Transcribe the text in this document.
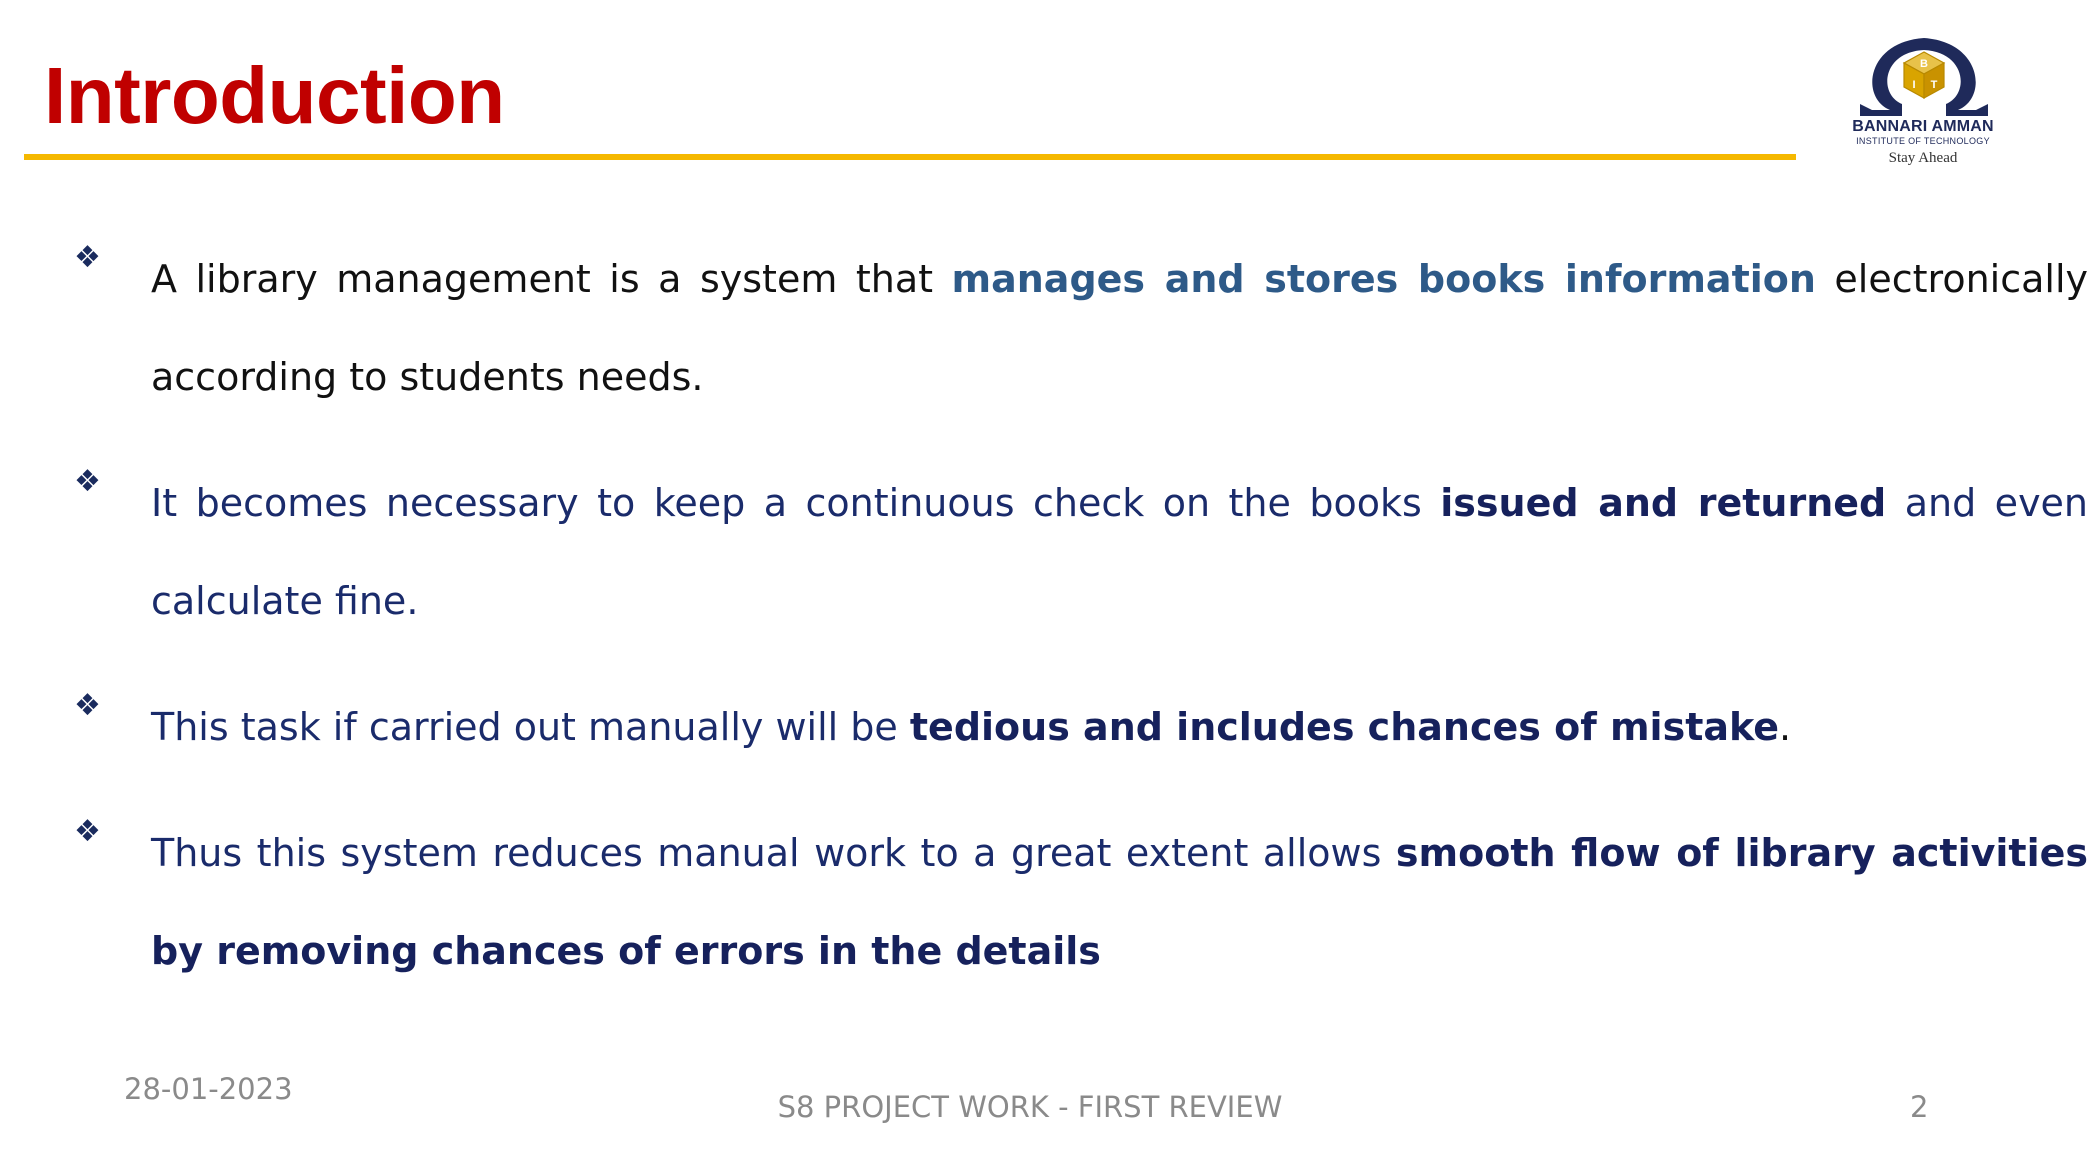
Introduction	B
I T
BANNARI AMMAN
INSTITUTE OF TECHNOLOGY
Stay Ahead
❖ A library management is a system that manages and stores books information electronically according to students needs.

❖ It becomes necessary to keep a continuous check on the books issued and returned and even calculate fine.

❖ This task if carried out manually will be tedious and includes chances of mistake.

❖ Thus this system reduces manual work to a great extent allows smooth flow of library activities by removing chances of errors in the details

28-01-2023
S8 PROJECT WORK - FIRST REVIEW	2
